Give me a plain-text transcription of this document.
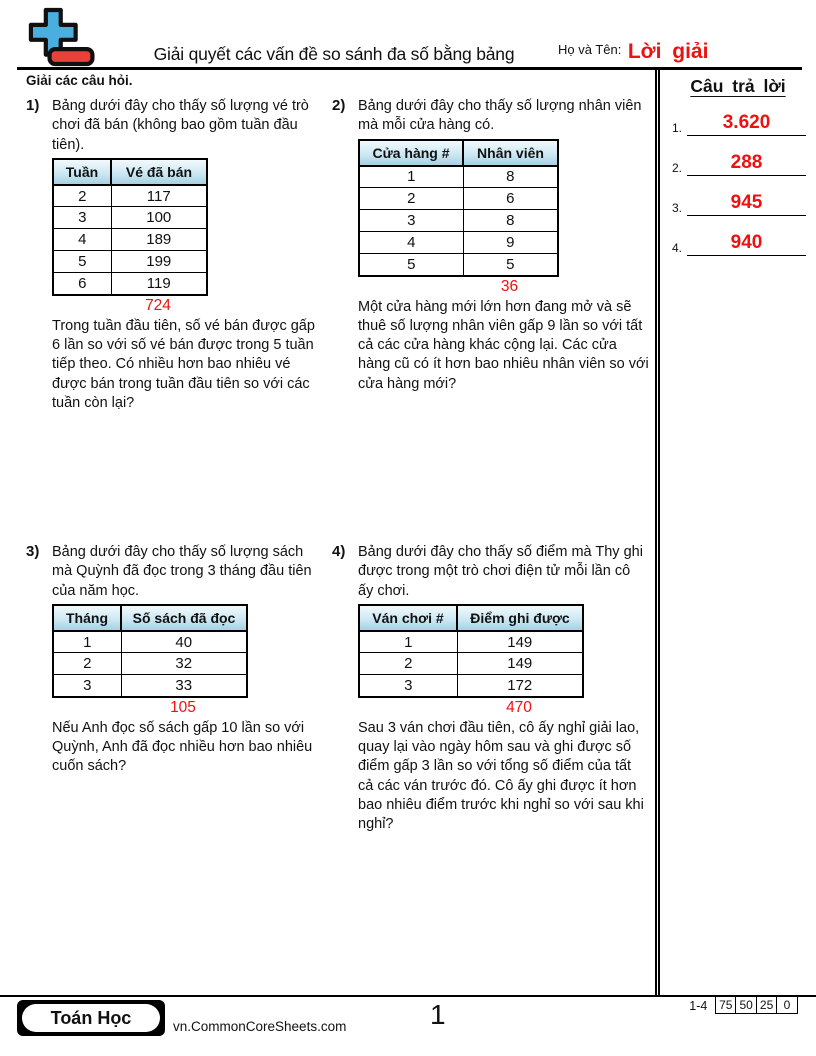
Giải quyết các vấn đề so sánh đa số bằng bảng	$^{Họ và Tên:}$ Lời giải
Giải các câu hỏi.
1) Bảng dưới đây cho thấy số lượng vé trò chơi đã bán (không bao gồm tuần đầu tiên).

Tuần	Vé đã bán
2	117
3	100
4	189
5	199
6	119
724

Trong tuần đầu tiên, số vé bán được gấp 6 lần so với số vé bán được trong 5 tuần tiếp theo. Có nhiều hơn bao nhiêu vé được bán trong tuần đầu tiên so với các tuần còn lại?

2) Bảng dưới đây cho thấy số lượng nhân viên mà mỗi cửa hàng có.

Cửa hàng #	Nhân viên
1	8
2	6
3	8
4	9
5	5
36

Một cửa hàng mới lớn hơn đang mở và sẽ thuê số lượng nhân viên gấp 9 lần so với tất cả các cửa hàng khác cộng lại. Các cửa hàng cũ có ít hơn bao nhiêu nhân viên so với cửa hàng mới?

3) Bảng dưới đây cho thấy số lượng sách mà Quỳnh đã đọc trong 3 tháng đầu tiên của năm học.

Tháng	Số sách đã đọc
1	40
2	32
3	33
105

Nếu Anh đọc số sách gấp 10 lần so với Quỳnh, Anh đã đọc nhiều hơn bao nhiêu cuốn sách?

4) Bảng dưới đây cho thấy số điểm mà Thy ghi được trong một trò chơi điện tử mỗi lần cô ấy chơi.

Ván chơi #	Điểm ghi được
1	149
2	149
3	172
470

Sau 3 ván chơi đầu tiên, cô ấy nghỉ giải lao, quay lại vào ngày hôm sau và ghi được số điểm gấp 3 lần so với tổng số điểm của tất cả các ván trước đó. Cô ấy ghi được ít hơn bao nhiêu điểm trước khi nghỉ so với sau khi nghỉ?

Câu trả lời
1.	3.620
2.	288
3.	945
4.	940
Toán Học	vn.CommonCoreSheets.com	1	1-4 75 50 25 0
